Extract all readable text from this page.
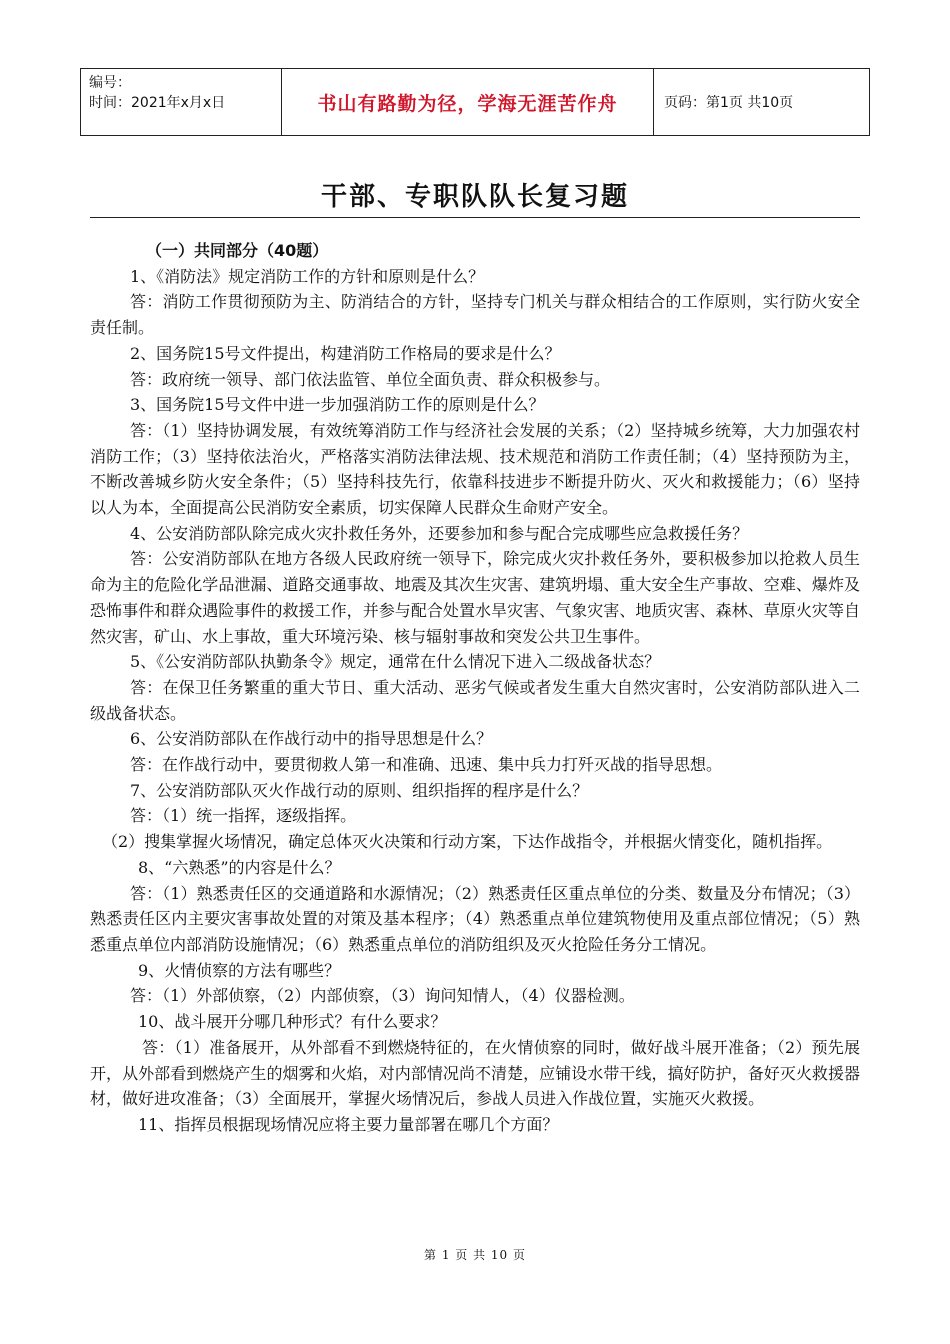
编号：
时间：2021年x月x日	书山有路勤为径，学海无涯苦作舟	页码：第1页 共10页
干部、专职队队长复习题

（一）共同部分（40题）

1、《消防法》规定消防工作的方针和原则是什么？

答：消防工作贯彻预防为主、防消结合的方针，坚持专门机关与群众相结合的工作原则，实行防火安全责任制。

2、国务院15号文件提出，构建消防工作格局的要求是什么？

答：政府统一领导、部门依法监管、单位全面负责、群众积极参与。

3、国务院15号文件中进一步加强消防工作的原则是什么？

答：（1）坚持协调发展，有效统筹消防工作与经济社会发展的关系；（2）坚持城乡统筹，大力加强农村消防工作；（3）坚持依法治火，严格落实消防法律法规、技术规范和消防工作责任制；（4）坚持预防为主，不断改善城乡防火安全条件；（5）坚持科技先行，依靠科技进步不断提升防火、灭火和救援能力；（6）坚持以人为本，全面提高公民消防安全素质，切实保障人民群众生命财产安全。

4、公安消防部队除完成火灾扑救任务外，还要参加和参与配合完成哪些应急救援任务？

答：公安消防部队在地方各级人民政府统一领导下，除完成火灾扑救任务外，要积极参加以抢救人员生命为主的危险化学品泄漏、道路交通事故、地震及其次生灾害、建筑坍塌、重大安全生产事故、空难、爆炸及恐怖事件和群众遇险事件的救援工作，并参与配合处置水旱灾害、气象灾害、地质灾害、森林、草原火灾等自然灾害，矿山、水上事故，重大环境污染、核与辐射事故和突发公共卫生事件。

5、《公安消防部队执勤条令》规定，通常在什么情况下进入二级战备状态？

答：在保卫任务繁重的重大节日、重大活动、恶劣气候或者发生重大自然灾害时，公安消防部队进入二级战备状态。

6、公安消防部队在作战行动中的指导思想是什么？

答：在作战行动中，要贯彻救人第一和准确、迅速、集中兵力打歼灭战的指导思想。

7、公安消防部队灭火作战行动的原则、组织指挥的程序是什么？

答：（1）统一指挥，逐级指挥。

（2）搜集掌握火场情况，确定总体灭火决策和行动方案，下达作战指令，并根据火情变化，随机指挥。

8、“六熟悉”的内容是什么？

答：（1）熟悉责任区的交通道路和水源情况；（2）熟悉责任区重点单位的分类、数量及分布情况；（3）熟悉责任区内主要灾害事故处置的对策及基本程序；（4）熟悉重点单位建筑物使用及重点部位情况；（5）熟悉重点单位内部消防设施情况；（6）熟悉重点单位的消防组织及灭火抢险任务分工情况。

9、火情侦察的方法有哪些？

答：（1）外部侦察，（2）内部侦察，（3）询问知情人，（4）仪器检测。

10、战斗展开分哪几种形式？有什么要求？

答：（1）准备展开，从外部看不到燃烧特征的，在火情侦察的同时，做好战斗展开准备；（2）预先展开，从外部看到燃烧产生的烟雾和火焰，对内部情况尚不清楚，应铺设水带干线，搞好防护，备好灭火救援器材，做好进攻准备；（3）全面展开，掌握火场情况后，参战人员进入作战位置，实施灭火救援。

11、指挥员根据现场情况应将主要力量部署在哪几个方面？

第 1 页 共 10 页
